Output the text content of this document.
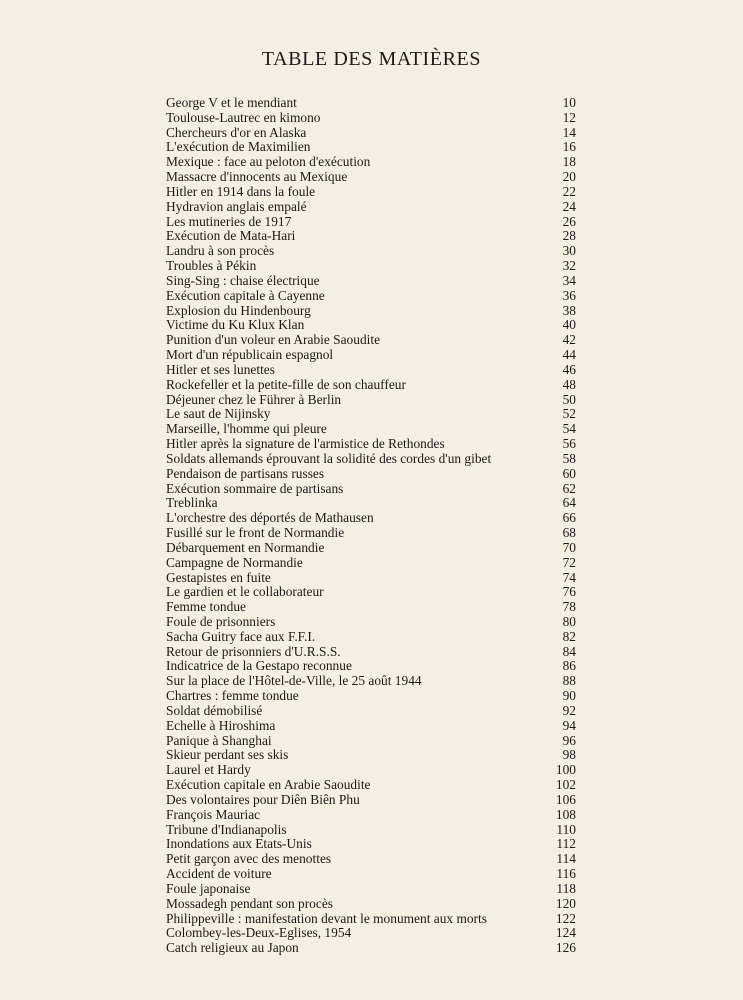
TABLE DES MATIÈRES
George V et le mendiant	10
Toulouse-Lautrec en kimono	12
Chercheurs d'or en Alaska	14
L'exécution de Maximilien	16
Mexique : face au peloton d'exécution	18
Massacre d'innocents au Mexique	20
Hitler en 1914 dans la foule	22
Hydravion anglais empalé	24
Les mutineries de 1917	26
Exécution de Mata-Hari	28
Landru à son procès	30
Troubles à Pékin	32
Sing-Sing : chaise électrique	34
Exécution capitale à Cayenne	36
Explosion du Hindenbourg	38
Victime du Ku Klux Klan	40
Punition d'un voleur en Arabie Saoudite	42
Mort d'un républicain espagnol	44
Hitler et ses lunettes	46
Rockefeller et la petite-fille de son chauffeur	48
Déjeuner chez le Führer à Berlin	50
Le saut de Nijinsky	52
Marseille, l'homme qui pleure	54
Hitler après la signature de l'armistice de Rethondes	56
Soldats allemands éprouvant la solidité des cordes d'un gibet	58
Pendaison de partisans russes	60
Exécution sommaire de partisans	62
Treblinka	64
L'orchestre des déportés de Mathausen	66
Fusillé sur le front de Normandie	68
Débarquement en Normandie	70
Campagne de Normandie	72
Gestapistes en fuite	74
Le gardien et le collaborateur	76
Femme tondue	78
Foule de prisonniers	80
Sacha Guitry face aux F.F.I.	82
Retour de prisonniers d'U.R.S.S.	84
Indicatrice de la Gestapo reconnue	86
Sur la place de l'Hôtel-de-Ville, le 25 août 1944	88
Chartres : femme tondue	90
Soldat démobilisé	92
Echelle à Hiroshima	94
Panique à Shanghai	96
Skieur perdant ses skis	98
Laurel et Hardy	100
Exécution capitale en Arabie Saoudite	102
Des volontaires pour Diên Biên Phu	106
François Mauriac	108
Tribune d'Indianapolis	110
Inondations aux Etats-Unis	112
Petit garçon avec des menottes	114
Accident de voiture	116
Foule japonaise	118
Mossadegh pendant son procès	120
Philippeville : manifestation devant le monument aux morts	122
Colombey-les-Deux-Eglises, 1954	124
Catch religieux au Japon	126
